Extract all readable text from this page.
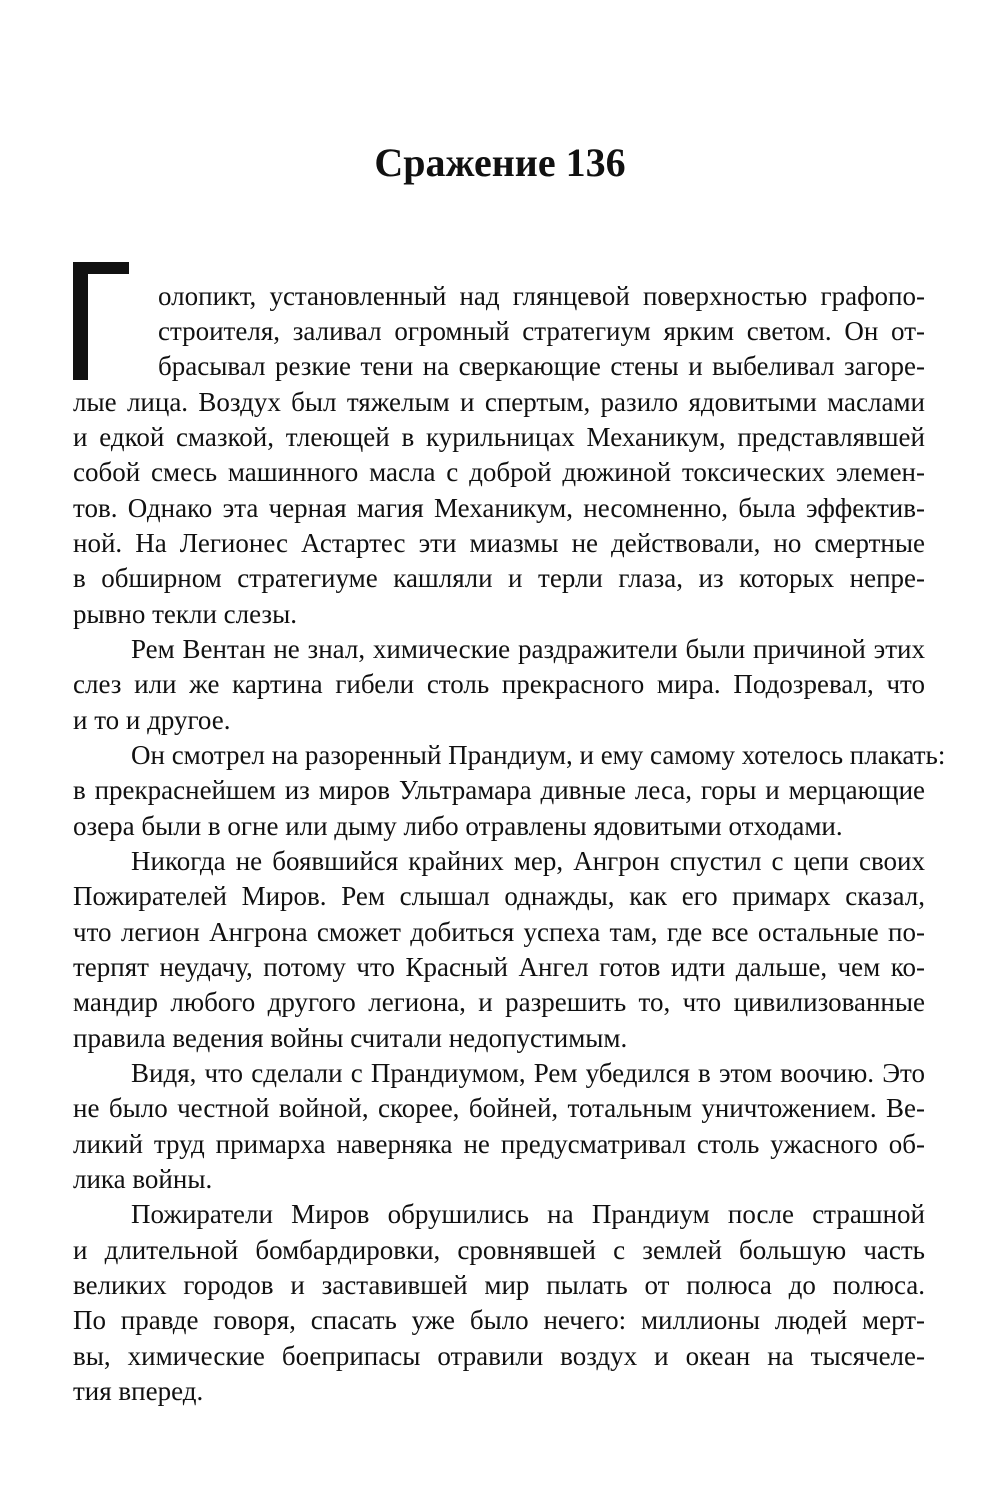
Сражение 136
олопикт, установленный над глянцевой поверхностью графопо-
строителя, заливал огромный стратегиум ярким светом. Он от-
брасывал резкие тени на сверкающие стены и выбеливал загоре-
лые лица. Воздух был тяжелым и спертым, разило ядовитыми маслами
и едкой смазкой, тлеющей в курильницах Механикум, представлявшей
собой смесь машинного масла с доброй дюжиной токсических элемен-
тов. Однако эта черная магия Механикум, несомненно, была эффектив-
ной. На Легионес Астартес эти миазмы не действовали, но смертные
в обширном стратегиуме кашляли и терли глаза, из которых непре-
рывно текли слезы.
Рем Вентан не знал, химические раздражители были причиной этих
слез или же картина гибели столь прекрасного мира. Подозревал, что
и то и другое.
Он смотрел на разоренный Прандиум, и ему самому хотелось плакать:
в прекраснейшем из миров Ультрамара дивные леса, горы и мерцающие
озера были в огне или дыму либо отравлены ядовитыми отходами.
Никогда не боявшийся крайних мер, Ангрон спустил с цепи своих
Пожирателей Миров. Рем слышал однажды, как его примарх сказал,
что легион Ангрона сможет добиться успеха там, где все остальные по-
терпят неудачу, потому что Красный Ангел готов идти дальше, чем ко-
мандир любого другого легиона, и разрешить то, что цивилизованные
правила ведения войны считали недопустимым.
Видя, что сделали с Прандиумом, Рем убедился в этом воочию. Это
не было честной войной, скорее, бойней, тотальным уничтожением. Ве-
ликий труд примарха наверняка не предусматривал столь ужасного об-
лика войны.
Пожиратели Миров обрушились на Прандиум после страшной
и длительной бомбардировки, сровнявшей с землей большую часть
великих городов и заставившей мир пылать от полюса до полюса.
По правде говоря, спасать уже было нечего: миллионы людей мерт-
вы, химические боеприпасы отравили воздух и океан на тысячеле-
тия вперед.
